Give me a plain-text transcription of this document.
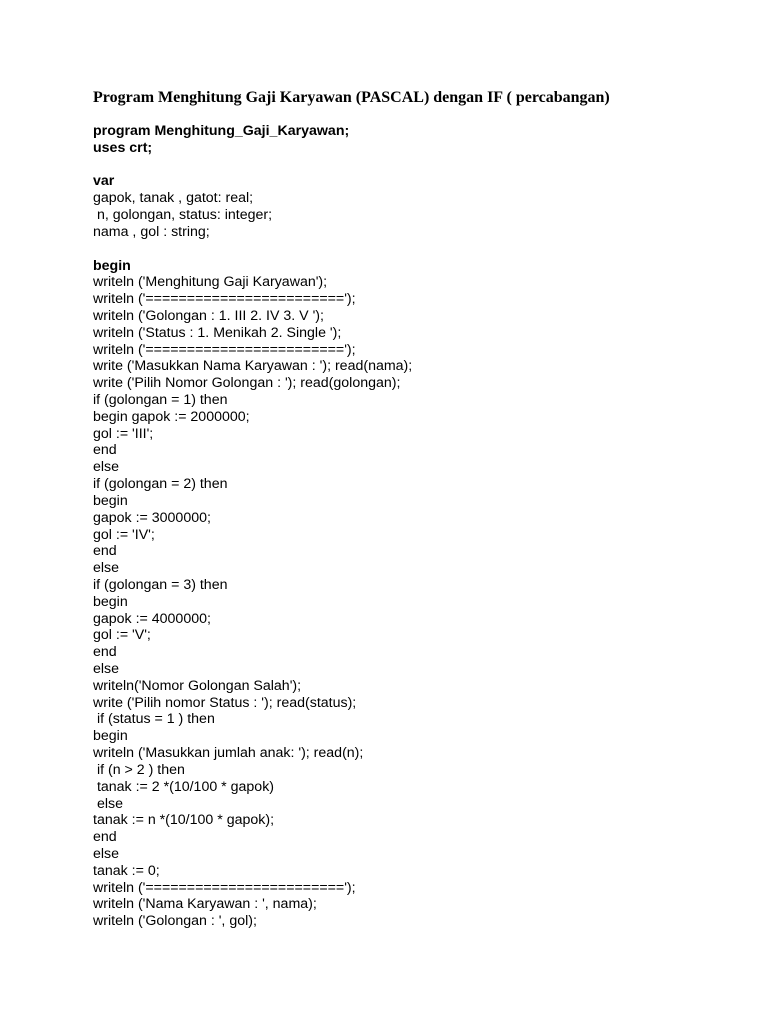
Program Menghitung Gaji Karyawan (PASCAL) dengan IF ( percabangan)
program Menghitung_Gaji_Karyawan;
uses crt;
var
gapok, tanak , gatot: real;
n, golongan, status: integer;
nama , gol : string;
begin
writeln ('Menghitung Gaji Karyawan');
writeln ('========================');
writeln ('Golongan : 1. III 2. IV 3. V ');
writeln ('Status : 1. Menikah 2. Single ');
writeln ('========================');
write ('Masukkan Nama Karyawan : '); read(nama);
write ('Pilih Nomor Golongan : '); read(golongan);
if (golongan = 1) then
begin gapok := 2000000;
gol := 'III';
end
else
if (golongan = 2) then
begin
gapok := 3000000;
gol := 'IV';
end
else
if (golongan = 3) then
begin
gapok := 4000000;
gol := 'V';
end
else
writeln('Nomor Golongan Salah');
write ('Pilih nomor Status : '); read(status);
if (status = 1 ) then
begin
writeln ('Masukkan jumlah anak: '); read(n);
if (n > 2 ) then
tanak := 2 *(10/100 * gapok)
else
tanak := n *(10/100 * gapok);
end
else
tanak := 0;
writeln ('========================');
writeln ('Nama Karyawan : ', nama);
writeln ('Golongan : ', gol);
